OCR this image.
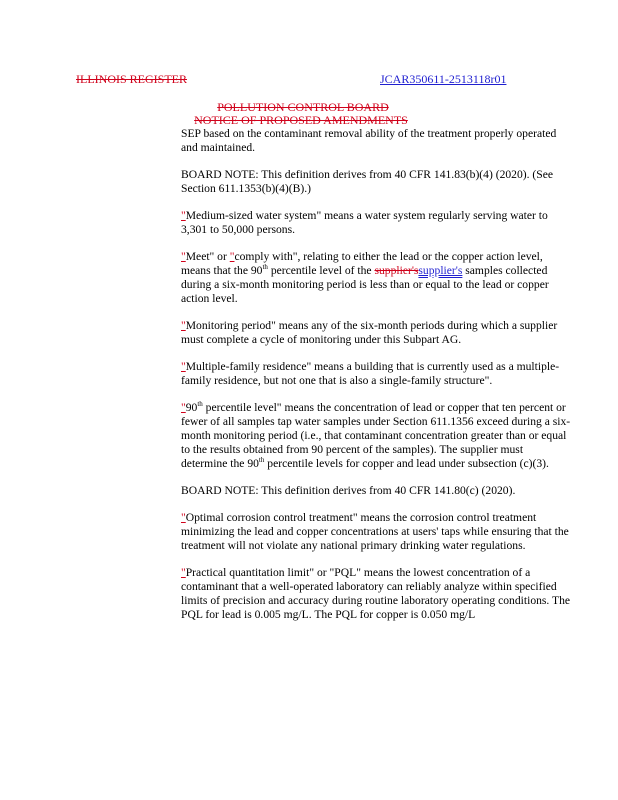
ILLINOIS REGISTER	JCAR350611-2513118r01
POLLUTION CONTROL BOARD
NOTICE OF PROPOSED AMENDMENTS

SEP based on the contaminant removal ability of the treatment properly operated and maintained.

BOARD NOTE: This definition derives from 40 CFR 141.83(b)(4) (2020). (See Section 611.1353(b)(4)(B).)

"Medium-sized water system" means a water system regularly serving water to 3,301 to 50,000 persons.

"Meet" or "comply with", relating to either the lead or the copper action level, means that the 90th percentile level of the supplier'ssupplier's samples collected during a six-month monitoring period is less than or equal to the lead or copper action level.

"Monitoring period" means any of the six-month periods during which a supplier must complete a cycle of monitoring under this Subpart AG.

"Multiple-family residence" means a building that is currently used as a multiple-family residence, but not one that is also a single-family structure".

"90th percentile level" means the concentration of lead or copper that ten percent or fewer of all samples tap water samples under Section 611.1356 exceed during a six-month monitoring period (i.e., that contaminant concentration greater than or equal to the results obtained from 90 percent of the samples). The supplier must determine the 90th percentile levels for copper and lead under subsection (c)(3).

BOARD NOTE: This definition derives from 40 CFR 141.80(c) (2020).

"Optimal corrosion control treatment" means the corrosion control treatment minimizing the lead and copper concentrations at users' taps while ensuring that the treatment will not violate any national primary drinking water regulations.

"Practical quantitation limit" or "PQL" means the lowest concentration of a contaminant that a well-operated laboratory can reliably analyze within specified limits of precision and accuracy during routine laboratory operating conditions. The PQL for lead is 0.005 mg/L. The PQL for copper is 0.050 mg/L
